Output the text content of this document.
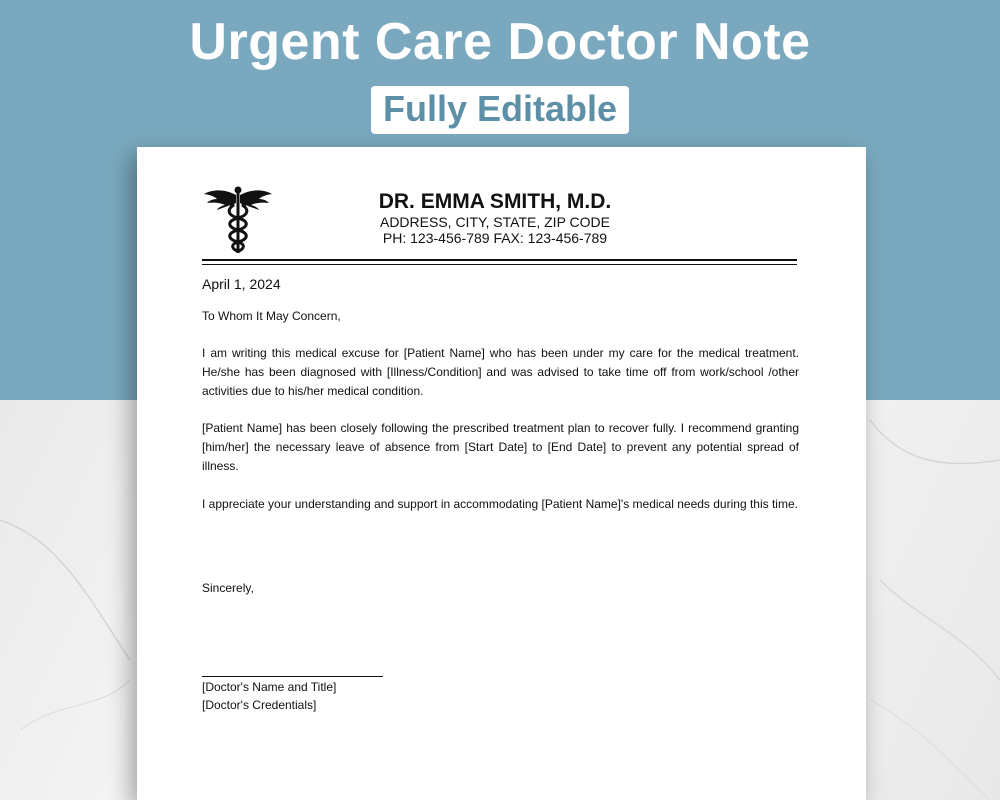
Urgent Care Doctor Note
Fully Editable
DR. EMMA SMITH, M.D.
ADDRESS, CITY, STATE, ZIP CODE
PH: 123-456-789 FAX: 123-456-789
April 1, 2024
To Whom It May Concern,
I am writing this medical excuse for [Patient Name] who has been under my care for the medical treatment. He/she has been diagnosed with [Illness/Condition] and was advised to take time off from work/school /other activities due to his/her medical condition.
[Patient Name] has been closely following the prescribed treatment plan to recover fully. I recommend granting [him/her] the necessary leave of absence from [Start Date] to [End Date] to prevent any potential spread of illness.
I appreciate your understanding and support in accommodating [Patient Name]'s medical needs during this time.
Sincerely,
[Doctor's Name and Title]
[Doctor's Credentials]
